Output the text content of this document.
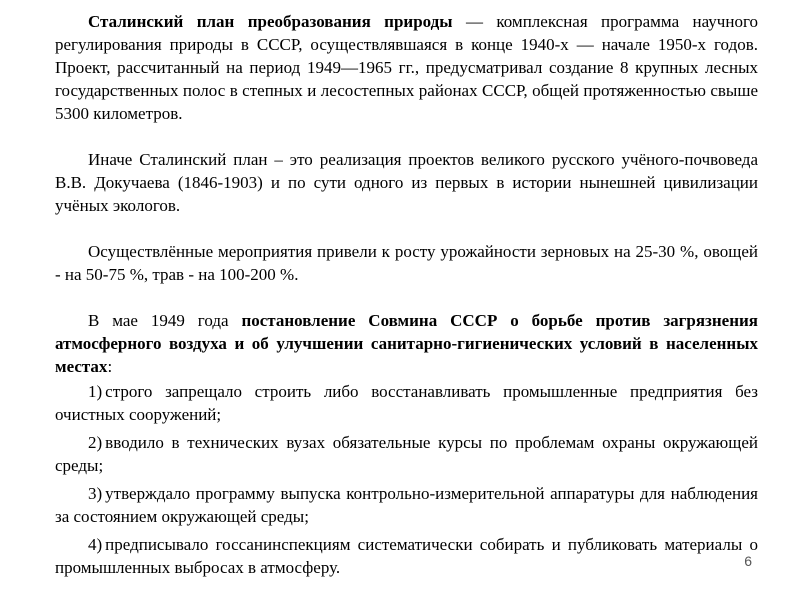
Сталинский план преобразования природы — комплексная программа научного регулирования природы в СССР, осуществлявшаяся в конце 1940-х — начале 1950-х годов. Проект, рассчитанный на период 1949—1965 гг., предусматривал создание 8 крупных лесных государственных полос в степных и лесостепных районах СССР, общей протяженностью свыше 5300 километров.

Иначе Сталинский план – это реализация проектов великого русского учёного-почвоведа В.В. Докучаева (1846-1903) и по сути одного из первых в истории нынешней цивилизации учёных экологов.

Осуществлённые мероприятия привели к росту урожайности зерновых на 25-30 %, овощей - на 50-75 %, трав - на 100-200 %.

В мае 1949 года постановление Совмина СССР о борьбе против загрязнения атмосферного воздуха и об улучшении санитарно-гигиенических условий в населенных местах:

1) строго запрещало строить либо восстанавливать промышленные предприятия без очистных сооружений;
2) вводило в технических вузах обязательные курсы по проблемам охраны окружающей среды;
3) утверждало программу выпуска контрольно-измерительной аппаратуры для наблюдения за состоянием окружающей среды;
4) предписывало госсанинспекциям систематически собирать и публиковать материалы о промышленных выбросах в атмосферу.	6
